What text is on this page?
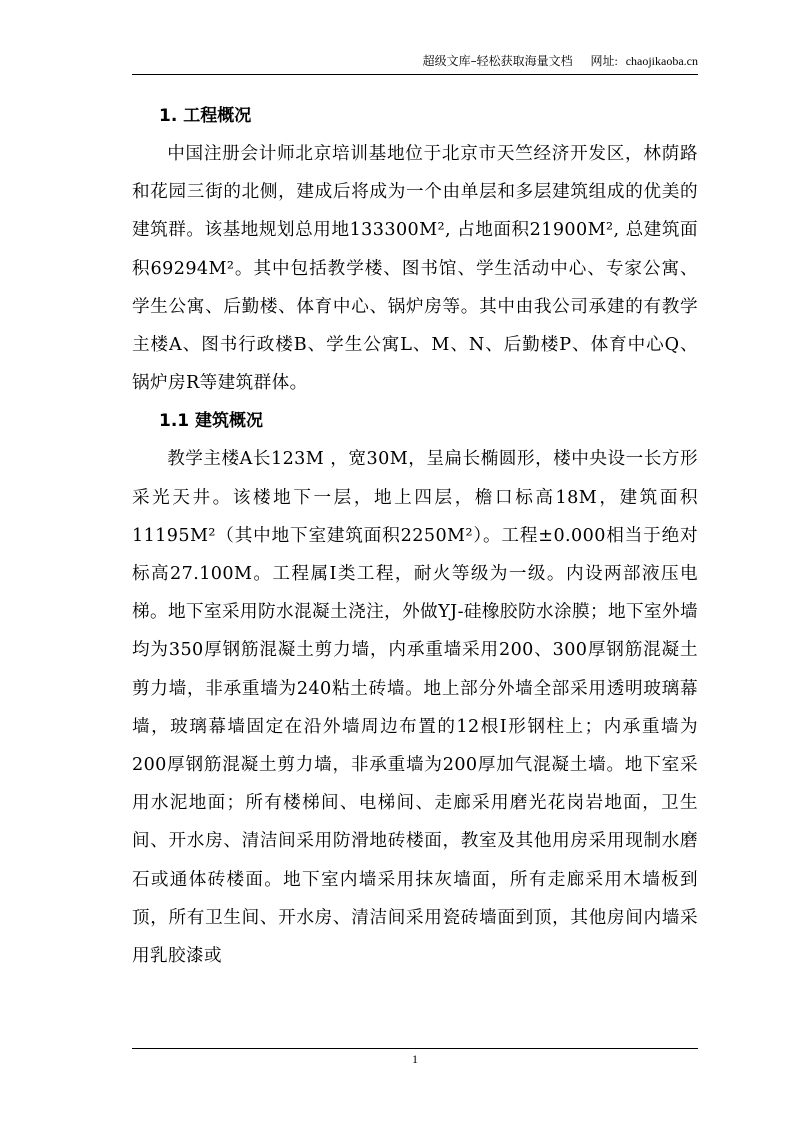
超级文库–轻松获取海量文档 网址: chaojikaoba.cn
1. 工程概况

中国注册会计师北京培训基地位于北京市天竺经济开发区，林荫路和花园三街的北侧，建成后将成为一个由单层和多层建筑组成的优美的建筑群。该基地规划总用地133300M², 占地面积21900M², 总建筑面积69294M²。其中包括教学楼、图书馆、学生活动中心、专家公寓、学生公寓、后勤楼、体育中心、锅炉房等。其中由我公司承建的有教学主楼A、图书行政楼B、学生公寓L、M、N、后勤楼P、体育中心Q、锅炉房R等建筑群体。

1.1 建筑概况

教学主楼A长123M ，宽30M，呈扁长椭圆形，楼中央设一长方形采光天井。该楼地下一层，地上四层，檐口标高18M，建筑面积11195M²（其中地下室建筑面积2250M²）。工程±0.000相当于绝对标高27.100M。工程属Ⅰ类工程，耐火等级为一级。内设两部液压电梯。地下室采用防水混凝土浇注，外做YJ-硅橡胶防水涂膜；地下室外墙均为350厚钢筋混凝土剪力墙，内承重墙采用200、300厚钢筋混凝土剪力墙，非承重墙为240粘土砖墙。地上部分外墙全部采用透明玻璃幕墙，玻璃幕墙固定在沿外墙周边布置的12根Ⅰ形钢柱上；内承重墙为200厚钢筋混凝土剪力墙，非承重墙为200厚加气混凝土墙。地下室采用水泥地面；所有楼梯间、电梯间、走廊采用磨光花岗岩地面，卫生间、开水房、清洁间采用防滑地砖楼面，教室及其他用房采用现制水磨石或通体砖楼面。地下室内墙采用抹灰墙面，所有走廊采用木墙板到顶，所有卫生间、开水房、清洁间采用瓷砖墙面到顶，其他房间内墙采用乳胶漆或

1
